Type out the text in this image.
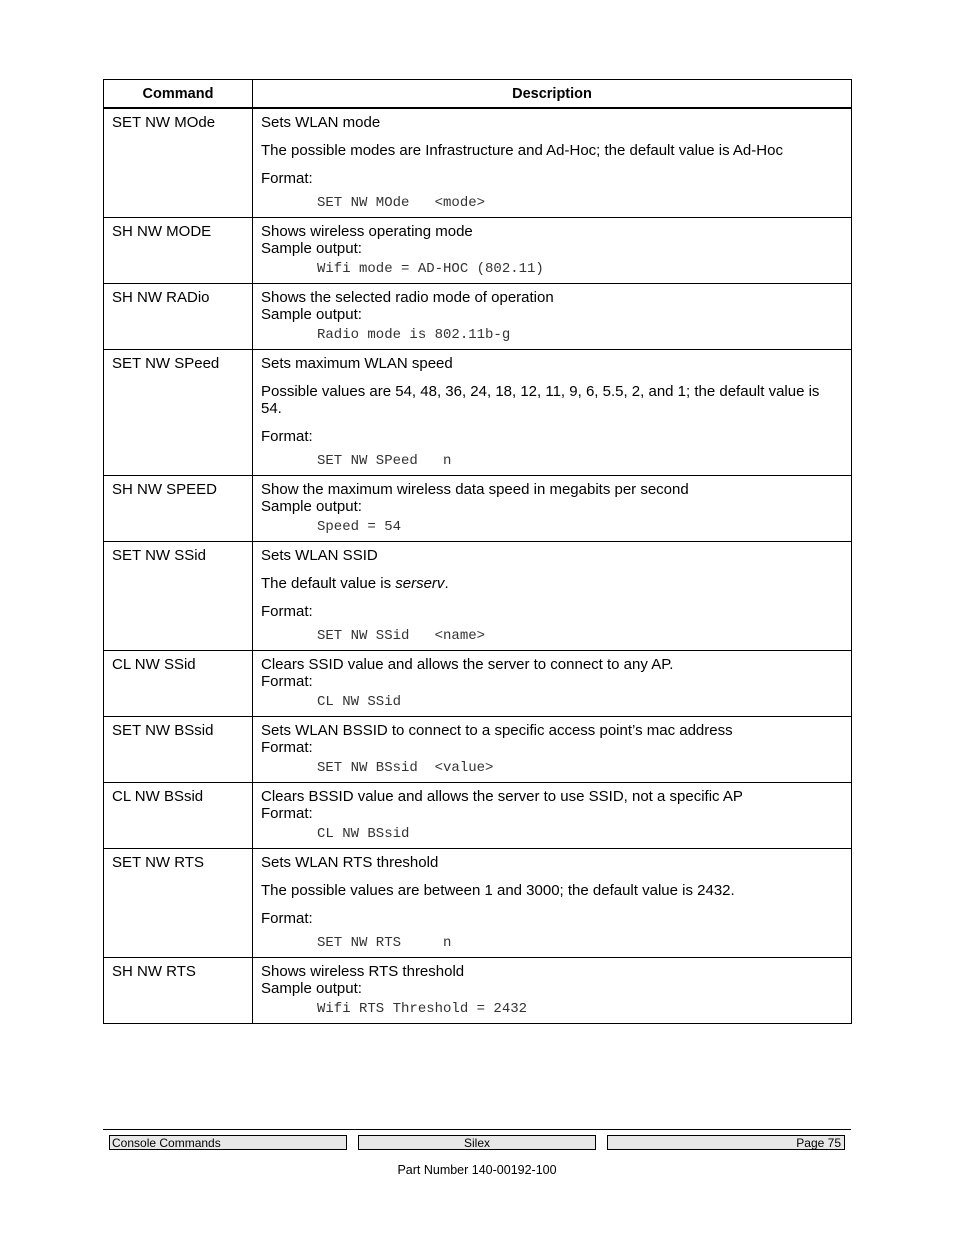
Command	Description
SET NW MOde	Sets WLAN mode
The possible modes are Infrastructure and Ad-Hoc; the default value is Ad-Hoc
Format:
SET NW MOde   <mode>

SH NW MODE	Shows wireless operating mode
Sample output:
Wifi mode = AD-HOC (802.11)

SH NW RADio	Shows the selected radio mode of operation
Sample output:
Radio mode is 802.11b-g

SET NW SPeed	Sets maximum WLAN speed
Possible values are 54, 48, 36, 24, 18, 12, 11, 9, 6, 5.5, 2, and 1; the default value is 54.
Format:
SET NW SPeed   n

SH NW SPEED	Show the maximum wireless data speed in megabits per second
Sample output:
Speed = 54

SET NW SSid	Sets WLAN SSID
The default value is serserv.
Format:
SET NW SSid   <name>

CL NW SSid	Clears SSID value and allows the server to connect to any AP.
Format:
CL NW SSid

SET NW BSsid	Sets WLAN BSSID to connect to a specific access point’s mac address
Format:
SET NW BSsid  <value>

CL NW BSsid	Clears BSSID value and allows the server to use SSID, not a specific AP
Format:
CL NW BSsid

SET NW RTS	Sets WLAN RTS threshold
The possible values are between 1 and 3000; the default value is 2432.
Format:
SET NW RTS     n

SH NW RTS	Shows wireless RTS threshold
Sample output:
Wifi RTS Threshold = 2432
Console Commands	Silex	Page 75
Part Number 140-00192-100
